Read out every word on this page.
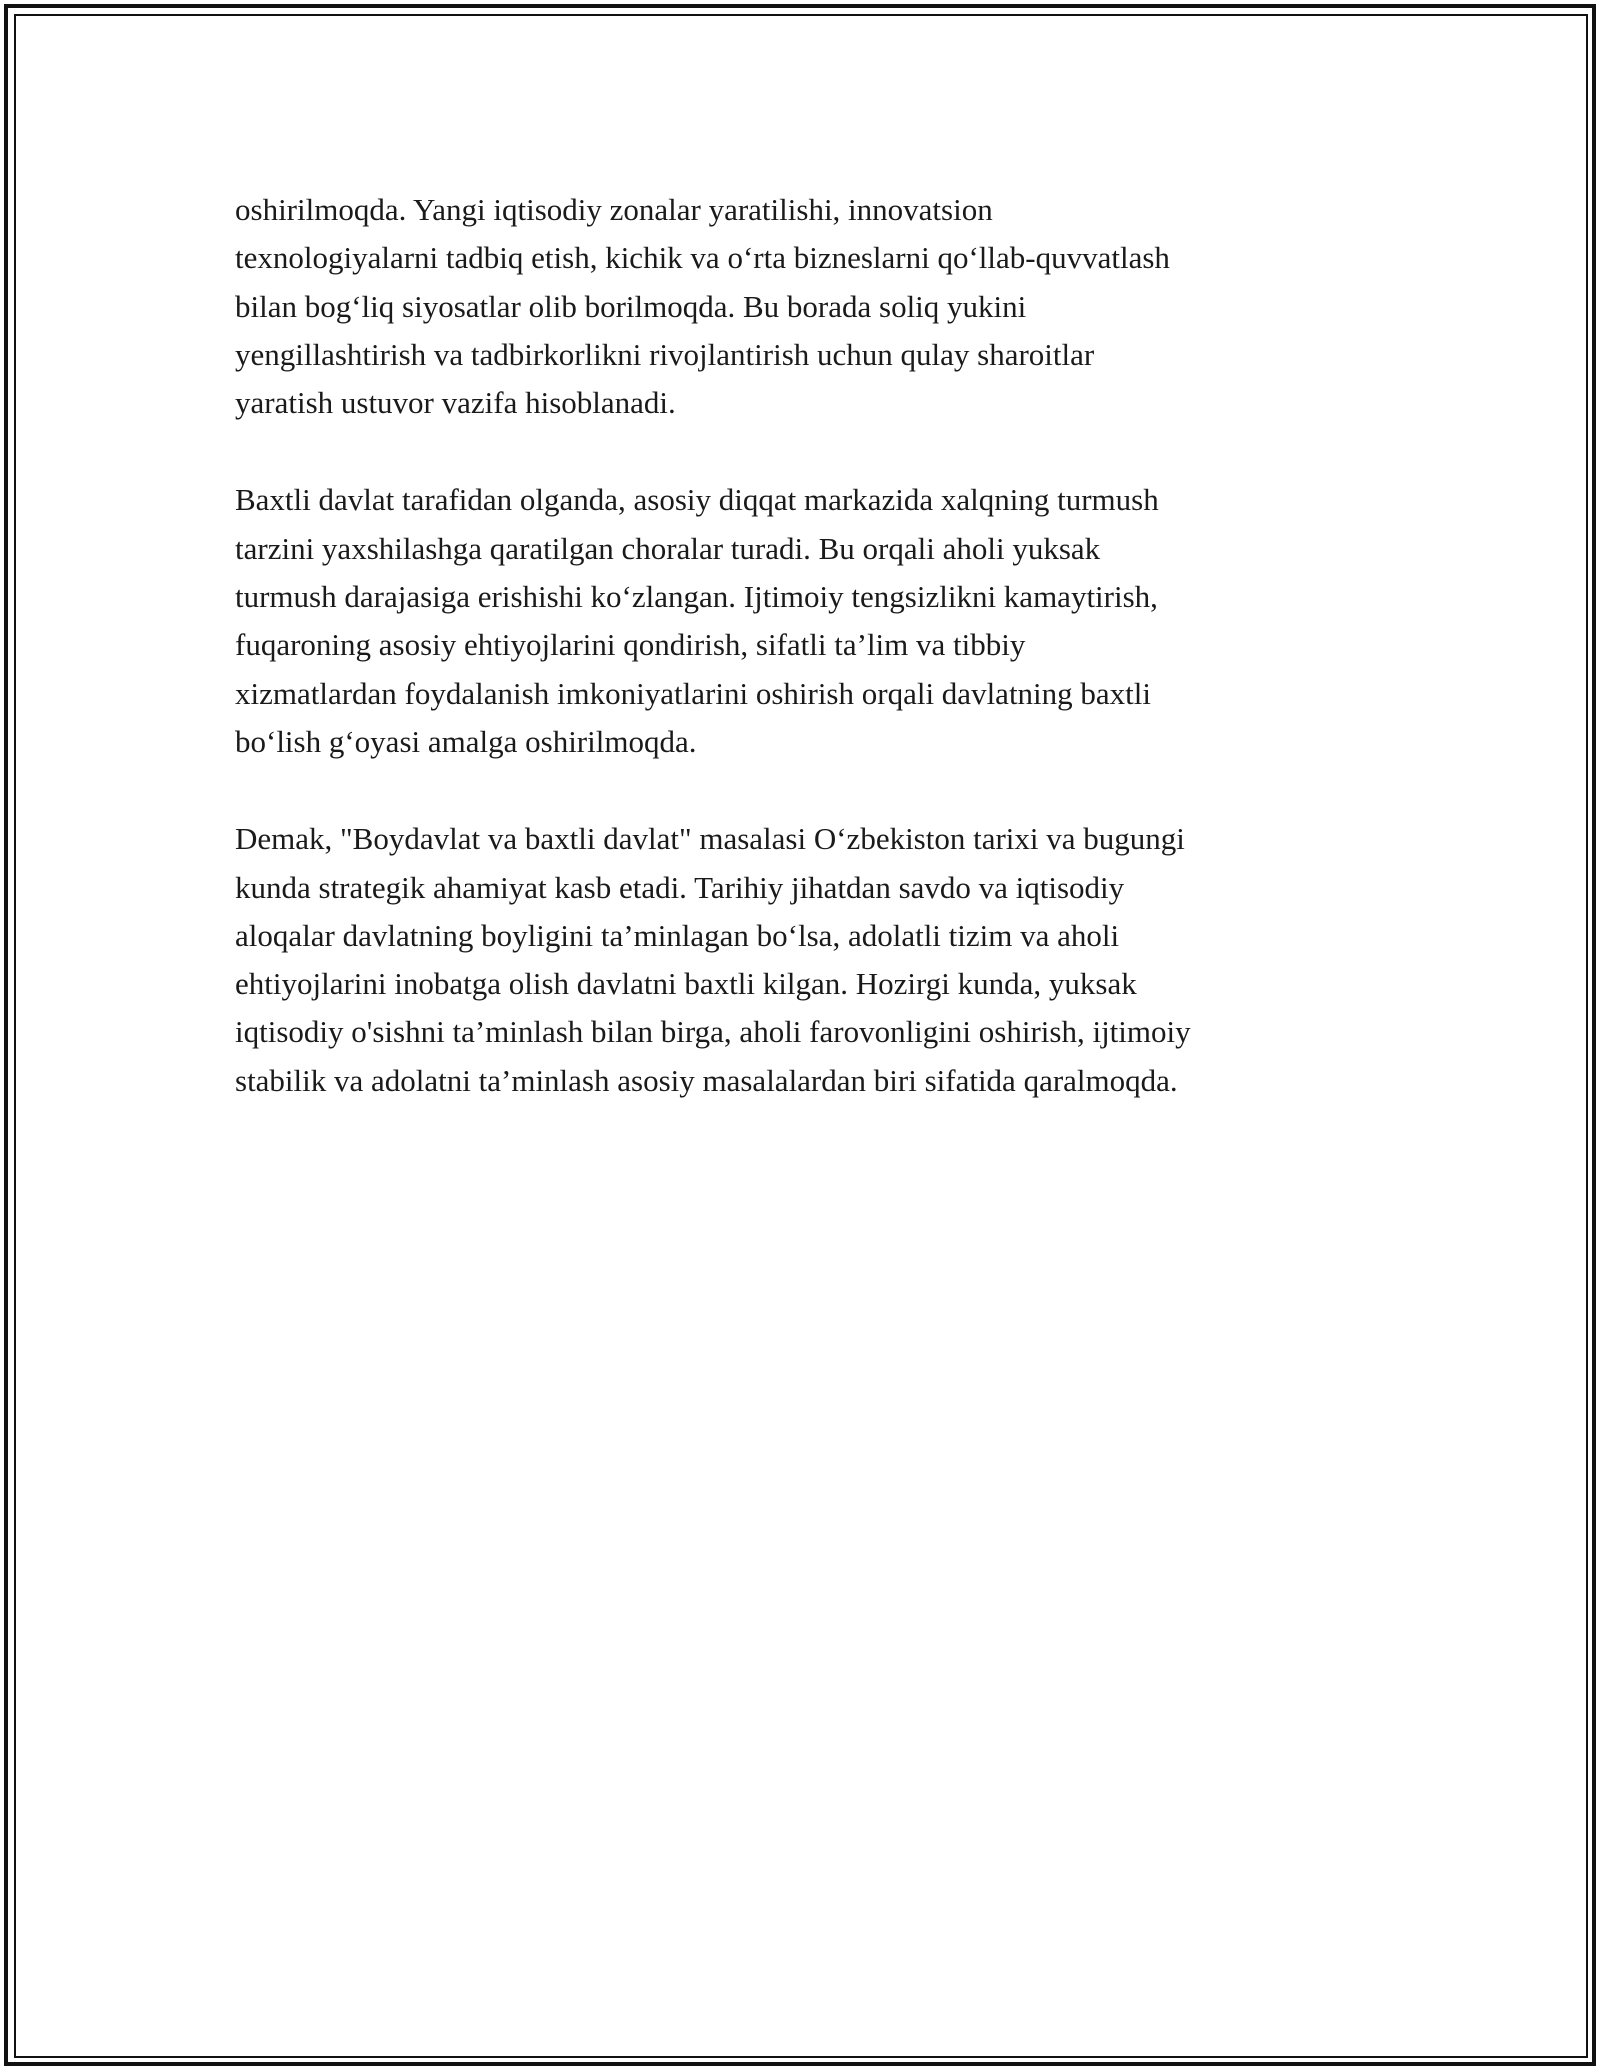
oshirilmoqda. Yangi iqtisodiy zonalar yaratilishi, innovatsion
texnologiyalarni tadbiq etish, kichik va o‘rta bizneslarni qo‘llab-quvvatlash
bilan bog‘liq siyosatlar olib borilmoqda. Bu borada soliq yukini
yengillashtirish va tadbirkorlikni rivojlantirish uchun qulay sharoitlar
yaratish ustuvor vazifa hisoblanadi.

Baxtli davlat tarafidan olganda, asosiy diqqat markazida xalqning turmush
tarzini yaxshilashga qaratilgan choralar turadi. Bu orqali aholi yuksak
turmush darajasiga erishishi ko‘zlangan. Ijtimoiy tengsizlikni kamaytirish,
fuqaroning asosiy ehtiyojlarini qondirish, sifatli ta’lim va tibbiy
xizmatlardan foydalanish imkoniyatlarini oshirish orqali davlatning baxtli
bo‘lish g‘oyasi amalga oshirilmoqda.

Demak, "Boydavlat va baxtli davlat" masalasi O‘zbekiston tarixi va bugungi
kunda strategik ahamiyat kasb etadi. Tarihiy jihatdan savdo va iqtisodiy
aloqalar davlatning boyligini ta’minlagan bo‘lsa, adolatli tizim va aholi
ehtiyojlarini inobatga olish davlatni baxtli kilgan. Hozirgi kunda, yuksak
iqtisodiy o'sishni ta’minlash bilan birga, aholi farovonligini oshirish, ijtimoiy
stabilik va adolatni ta’minlash asosiy masalalardan biri sifatida qaralmoqda.
